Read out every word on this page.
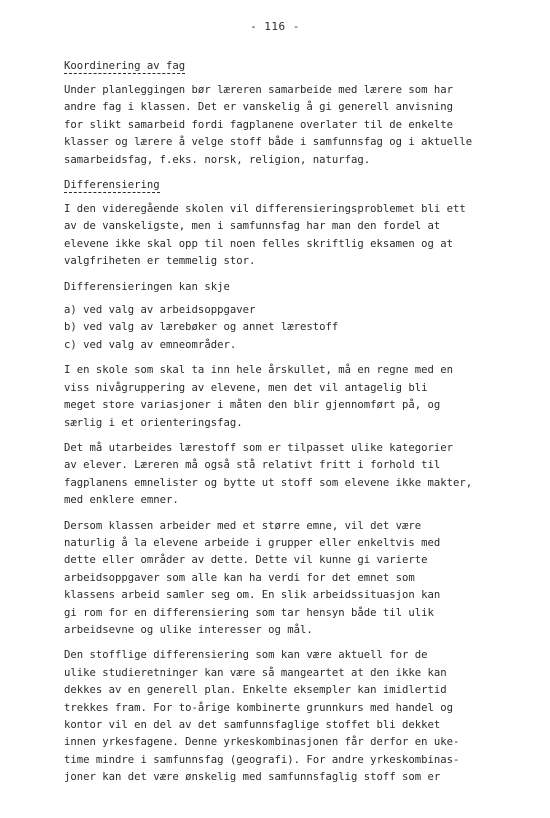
- 116 -
Koordinering av fag

Under planleggingen bør læreren samarbeide med lærere som har
andre fag i klassen. Det er vanskelig å gi generell anvisning
for slikt samarbeid fordi fagplanene overlater til de enkelte
klasser og lærere å velge stoff både i samfunnsfag og i aktuelle
samarbeidsfag, f.eks. norsk, religion, naturfag.

Differensiering

I den videregående skolen vil differensieringsproblemet bli ett
av de vanskeligste, men i samfunnsfag har man den fordel at
elevene ikke skal opp til noen felles skriftlig eksamen og at
valgfriheten er temmelig stor.

Differensieringen kan skje

a) ved valg av arbeidsoppgaver
b) ved valg av lærebøker og annet lærestoff
c) ved valg av emneområder.

I en skole som skal ta inn hele årskullet, må en regne med en
viss nivågruppering av elevene, men det vil antagelig bli
meget store variasjoner i måten den blir gjennomført på, og
særlig i et orienteringsfag.

Det må utarbeides lærestoff som er tilpasset ulike kategorier
av elever. Læreren må også stå relativt fritt i forhold til
fagplanens emnelister og bytte ut stoff som elevene ikke makter,
med enklere emner.

Dersom klassen arbeider med et større emne, vil det være
naturlig å la elevene arbeide i grupper eller enkeltvis med
dette eller områder av dette. Dette vil kunne gi varierte
arbeidsoppgaver som alle kan ha verdi for det emnet som
klassens arbeid samler seg om. En slik arbeidssituasjon kan
gi rom for en differensiering som tar hensyn både til ulik
arbeidsevne og ulike interesser og mål.

Den stofflige differensiering som kan være aktuell for de
ulike studieretninger kan være så mangeartet at den ikke kan
dekkes av en generell plan. Enkelte eksempler kan imidlertid
trekkes fram. For to-årige kombinerte grunnkurs med handel og
kontor vil en del av det samfunnsfaglige stoffet bli dekket
innen yrkesfagene. Denne yrkeskombinasjonen får derfor en uke-
time mindre i samfunnsfag (geografi). For andre yrkeskombinas-
joner kan det være ønskelig med samfunnsfaglig stoff som er
